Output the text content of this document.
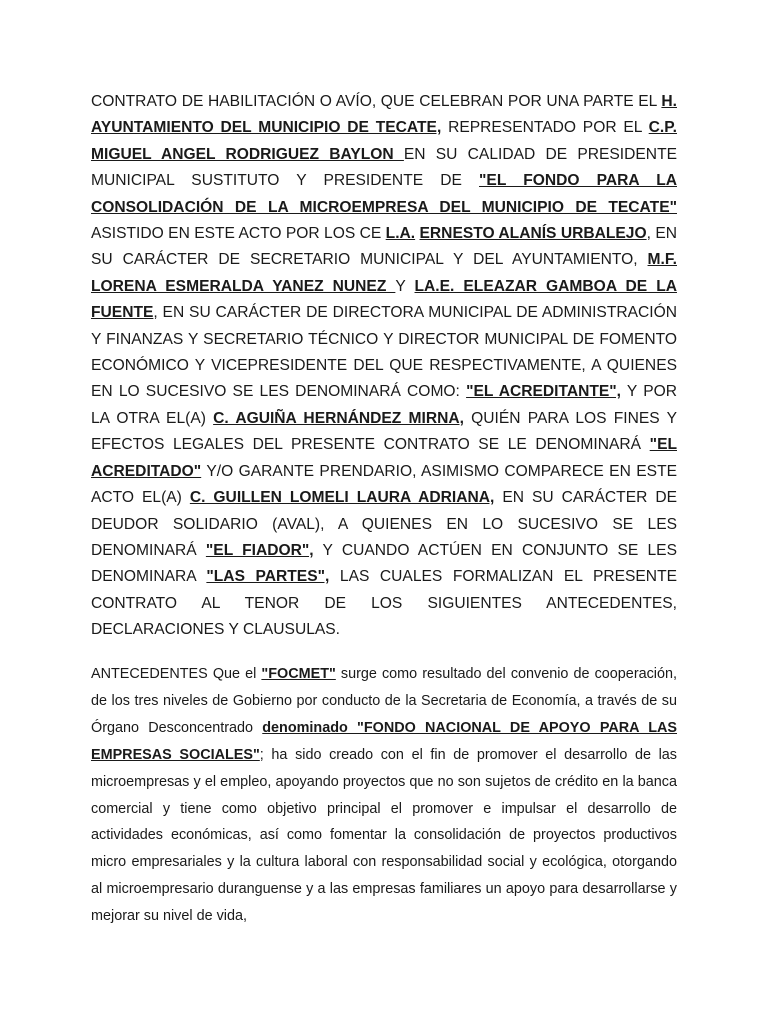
CONTRATO DE HABILITACIÓN O AVÍO, QUE CELEBRAN POR UNA PARTE EL H. AYUNTAMIENTO DEL MUNICIPIO DE TECATE, REPRESENTADO POR EL C.P. MIGUEL ANGEL RODRIGUEZ BAYLON EN SU CALIDAD DE PRESIDENTE MUNICIPAL SUSTITUTO Y PRESIDENTE DE "EL FONDO PARA LA CONSOLIDACIÓN DE LA MICROEMPRESA DEL MUNICIPIO DE TECATE" ASISTIDO EN ESTE ACTO POR LOS CE L.A. ERNESTO ALANÍS URBALEJO, EN SU CARÁCTER DE SECRETARIO MUNICIPAL Y DEL AYUNTAMIENTO, M.F. LORENA ESMERALDA YANEZ NUNEZ Y LA.E. ELEAZAR GAMBOA DE LA FUENTE, EN SU CARÁCTER DE DIRECTORA MUNICIPAL DE ADMINISTRACIÓN Y FINANZAS Y SECRETARIO TÉCNICO Y DIRECTOR MUNICIPAL DE FOMENTO ECONÓMICO Y VICEPRESIDENTE DEL QUE RESPECTIVAMENTE, A QUIENES EN LO SUCESIVO SE LES DENOMINARÁ COMO: "EL ACREDITANTE", Y POR LA OTRA EL(A) C. AGUIÑA HERNÁNDEZ MIRNA, QUIÉN PARA LOS FINES Y EFECTOS LEGALES DEL PRESENTE CONTRATO SE LE DENOMINARÁ "EL ACREDITADO" Y/O GARANTE PRENDARIO, ASIMISMO COMPARECE EN ESTE ACTO EL(A) C. GUILLEN LOMELI LAURA ADRIANA, EN SU CARÁCTER DE DEUDOR SOLIDARIO (AVAL), A QUIENES EN LO SUCESIVO SE LES DENOMINARÁ "EL FIADOR", Y CUANDO ACTÚEN EN CONJUNTO SE LES DENOMINARA "LAS PARTES", LAS CUALES FORMALIZAN EL PRESENTE CONTRATO AL TENOR DE LOS SIGUIENTES ANTECEDENTES, DECLARACIONES Y CLAUSULAS.

ANTECEDENTES Que el "FOCMET" surge como resultado del convenio de cooperación, de los tres niveles de Gobierno por conducto de la Secretaria de Economía, a través de su Órgano Desconcentrado denominado "FONDO NACIONAL DE APOYO PARA LAS EMPRESAS SOCIALES"; ha sido creado con el fin de promover el desarrollo de las microempresas y el empleo, apoyando proyectos que no son sujetos de crédito en la banca comercial y tiene como objetivo principal el promover e impulsar el desarrollo de actividades económicas, así como fomentar la consolidación de proyectos productivos micro empresariales y la cultura laboral con responsabilidad social y ecológica, otorgando al microempresario duranguense y a las empresas familiares un apoyo para desarrollarse y mejorar su nivel de vida,
